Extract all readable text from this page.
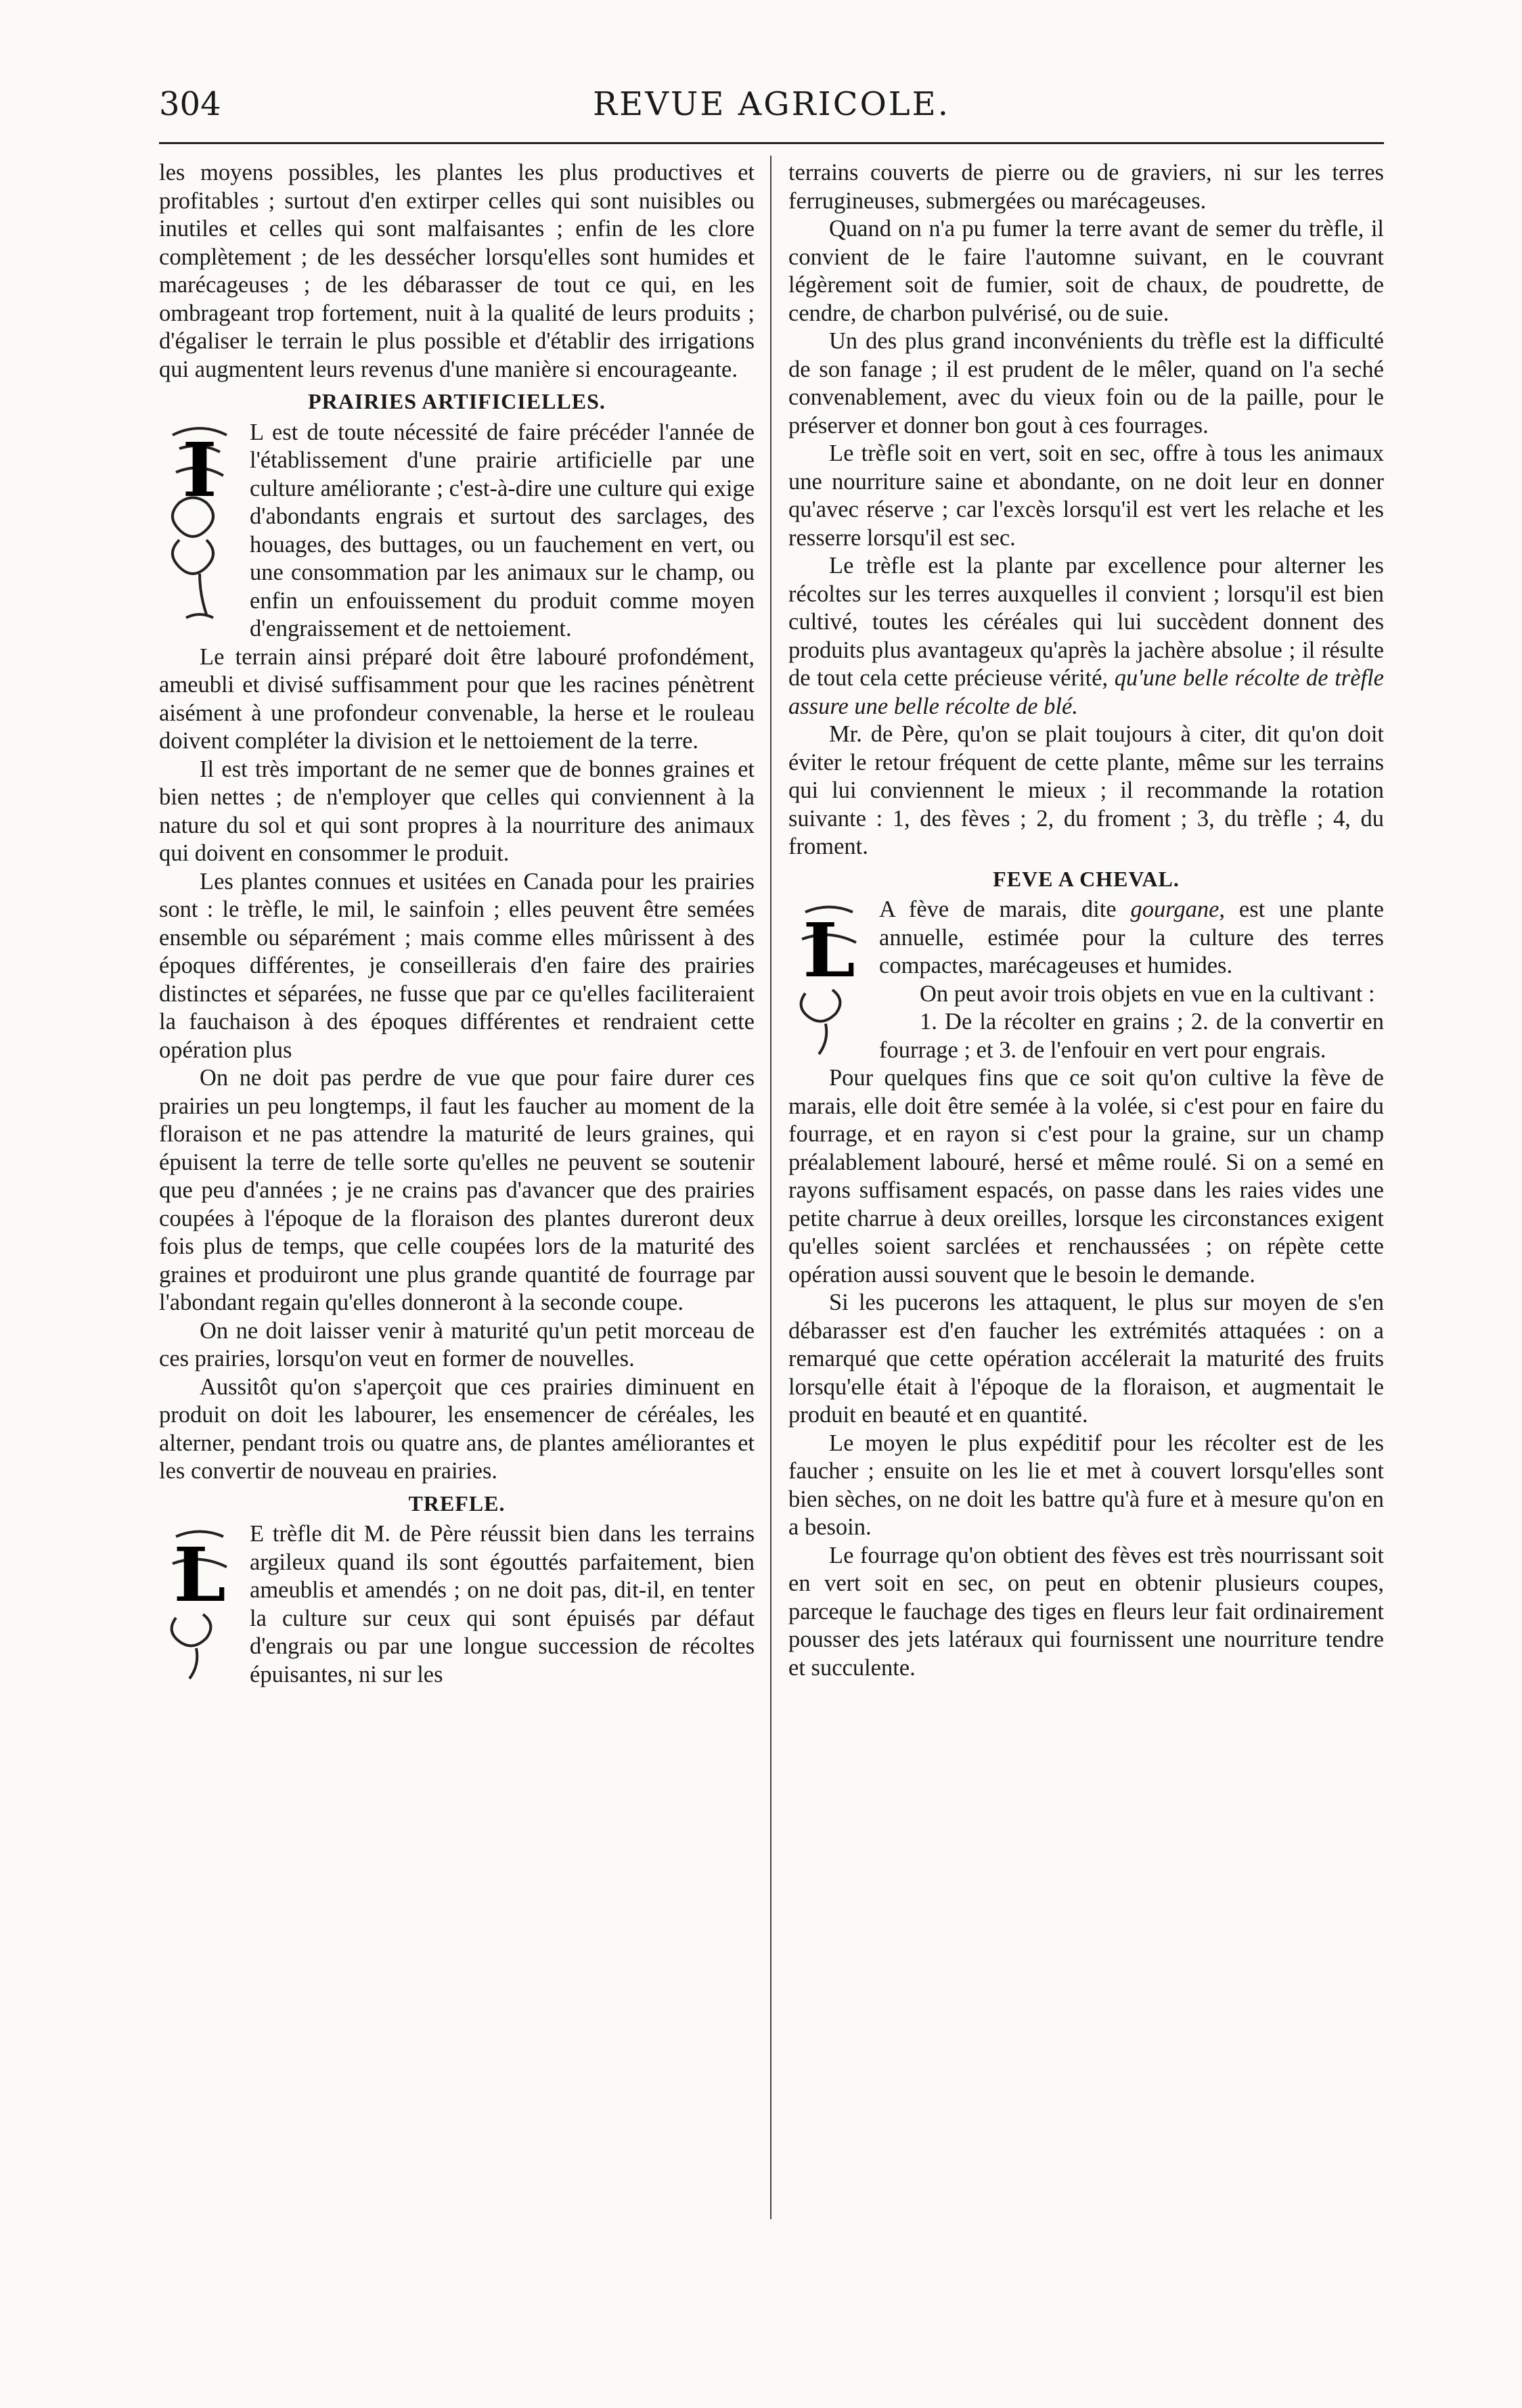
304	REVUE AGRICOLE.

les moyens possibles, les plantes les plus productives et profitables ; surtout d'en extirper celles qui sont nuisibles ou inutiles et celles qui sont malfaisantes ; enfin de les clore complètement ; de les dessécher lorsqu'elles sont humides et marécageuses ; de les débarasser de tout ce qui, en les ombrageant trop fortement, nuit à la qualité de leurs produits ; d'égaliser le terrain le plus possible et d'établir des irrigations qui augmentent leurs revenus d'une manière si encourageante.

PRAIRIES ARTIFICIELLES.
I	L est de toute nécessité de faire précéder l'année de l'établissement d'une prairie artificielle par une culture améliorante ; c'est-à-dire une culture qui exige d'abondants engrais et surtout des sarclages, des houages, des buttages, ou un fauchement en vert, ou une consommation par les animaux sur le champ, ou enfin un enfouissement du produit comme moyen d'engraissement et de nettoiement.

Le terrain ainsi préparé doit être labouré profondément, ameubli et divisé suffisamment pour que les racines pénètrent aisément à une profondeur convenable, la herse et le rouleau doivent compléter la division et le nettoiement de la terre.

Il est très important de ne semer que de bonnes graines et bien nettes ; de n'employer que celles qui conviennent à la nature du sol et qui sont propres à la nourriture des animaux qui doivent en consommer le produit.

Les plantes connues et usitées en Canada pour les prairies sont : le trèfle, le mil, le sainfoin ; elles peuvent être semées ensemble ou séparément ; mais comme elles mûrissent à des époques différentes, je conseillerais d'en faire des prairies distinctes et séparées, ne fusse que par ce qu'elles faciliteraient la fauchaison à des époques différentes et rendraient cette opération plus

On ne doit pas perdre de vue que pour faire durer ces prairies un peu longtemps, il faut les faucher au moment de la floraison et ne pas attendre la maturité de leurs graines, qui épuisent la terre de telle sorte qu'elles ne peuvent se soutenir que peu d'années ; je ne crains pas d'avancer que des prairies coupées à l'époque de la floraison des plantes dureront deux fois plus de temps, que celle coupées lors de la maturité des graines et produiront une plus grande quantité de fourrage par l'abondant regain qu'elles donneront à la seconde coupe.

On ne doit laisser venir à maturité qu'un petit morceau de ces prairies, lorsqu'on veut en former de nouvelles.

Aussitôt qu'on s'aperçoit que ces prairies diminuent en produit on doit les labourer, les ensemencer de céréales, les alterner, pendant trois ou quatre ans, de plantes améliorantes et les convertir de nouveau en prairies.

TREFLE.
L	E trèfle dit M. de Père réussit bien dans les terrains argileux quand ils sont égouttés parfaitement, bien ameublis et amendés ; on ne doit pas, dit-il, en tenter la culture sur ceux qui sont épuisés par défaut d'engrais ou par une longue succession de récoltes épuisantes, ni sur les

terrains couverts de pierre ou de graviers, ni sur les terres ferrugineuses, submergées ou marécageuses.

Quand on n'a pu fumer la terre avant de semer du trèfle, il convient de le faire l'automne suivant, en le couvrant légèrement soit de fumier, soit de chaux, de poudrette, de cendre, de charbon pulvérisé, ou de suie.

Un des plus grand inconvénients du trèfle est la difficulté de son fanage ; il est prudent de le mêler, quand on l'a seché convenablement, avec du vieux foin ou de la paille, pour le préserver et donner bon gout à ces fourrages.

Le trèfle soit en vert, soit en sec, offre à tous les animaux une nourriture saine et abondante, on ne doit leur en donner qu'avec réserve ; car l'excès lorsqu'il est vert les relache et les resserre lorsqu'il est sec.

Le trèfle est la plante par excellence pour alterner les récoltes sur les terres auxquelles il convient ; lorsqu'il est bien cultivé, toutes les céréales qui lui succèdent donnent des produits plus avantageux qu'après la jachère absolue ; il résulte de tout cela cette précieuse vérité, qu'une belle récolte de trèfle assure une belle récolte de blé.

Mr. de Père, qu'on se plait toujours à citer, dit qu'on doit éviter le retour fréquent de cette plante, même sur les terrains qui lui conviennent le mieux ; il recommande la rotation suivante : 1, des fèves ; 2, du froment ; 3, du trèfle ; 4, du froment.

FEVE A CHEVAL.
L	A fève de marais, dite gourgane, est une plante annuelle, estimée pour la culture des terres compactes, marécageuses et humides.

On peut avoir trois objets en vue en la cultivant :

1. De la récolter en grains ; 2. de la convertir en fourrage ; et 3. de l'enfouir en vert pour engrais.

Pour quelques fins que ce soit qu'on cultive la fève de marais, elle doit être semée à la volée, si c'est pour en faire du fourrage, et en rayon si c'est pour la graine, sur un champ préalablement labouré, hersé et même roulé. Si on a semé en rayons suffisament espacés, on passe dans les raies vides une petite charrue à deux oreilles, lorsque les circonstances exigent qu'elles soient sarclées et renchaussées ; on répète cette opération aussi souvent que le besoin le demande.

Si les pucerons les attaquent, le plus sur moyen de s'en débarasser est d'en faucher les extrémités attaquées : on a remarqué que cette opération accélerait la maturité des fruits lorsqu'elle était à l'époque de la floraison, et augmentait le produit en beauté et en quantité.

Le moyen le plus expéditif pour les récolter est de les faucher ; ensuite on les lie et met à couvert lorsqu'elles sont bien sèches, on ne doit les battre qu'à fure et à mesure qu'on en a besoin.

Le fourrage qu'on obtient des fèves est très nourrissant soit en vert soit en sec, on peut en obtenir plusieurs coupes, parceque le fauchage des tiges en fleurs leur fait ordinairement pousser des jets latéraux qui fournissent une nourriture tendre et succulente.
